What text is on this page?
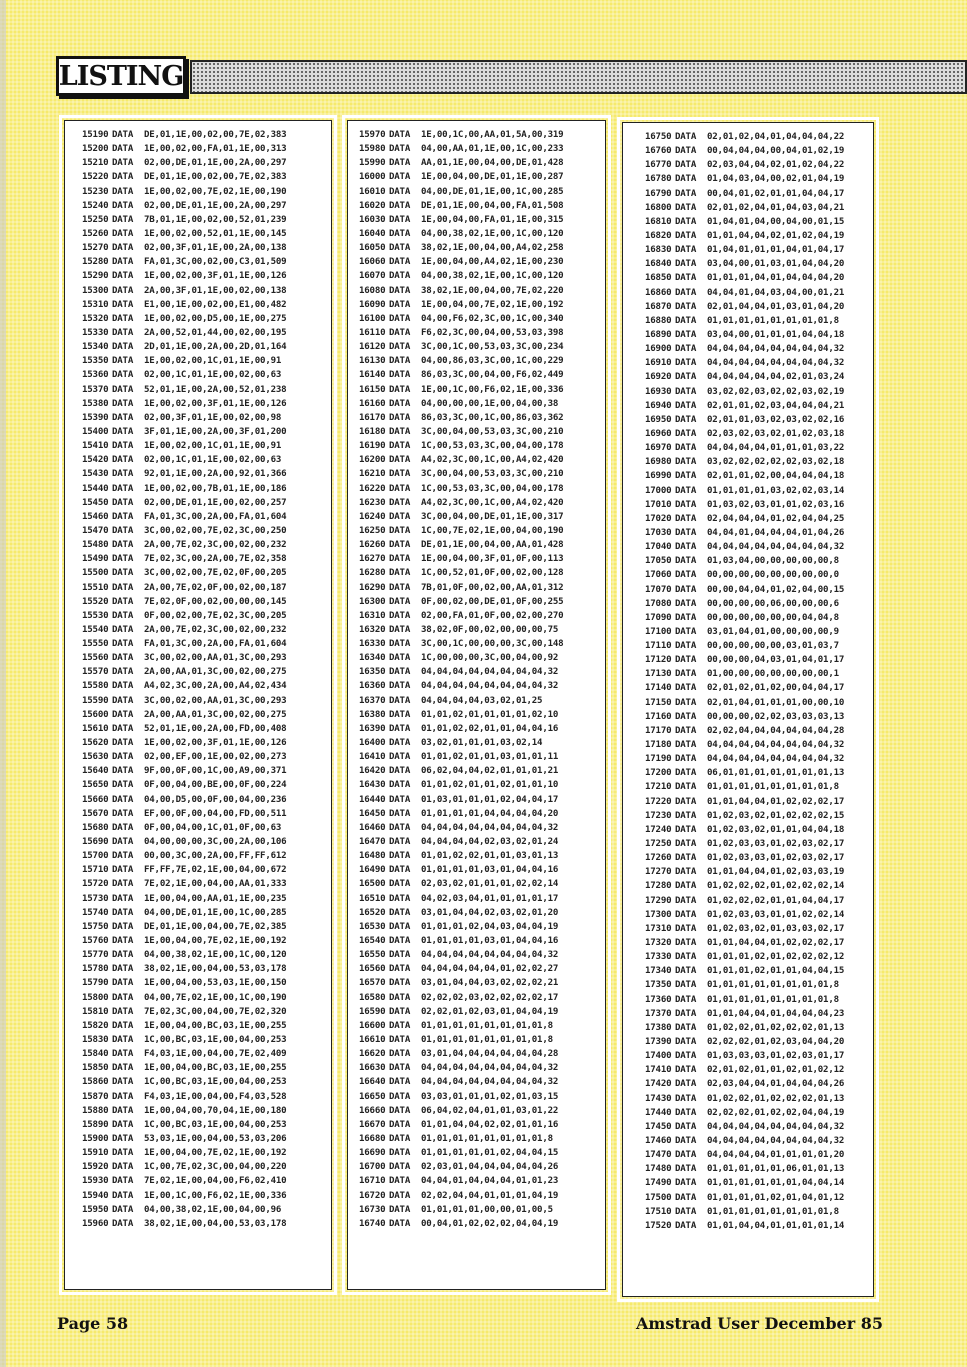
LISTING
15190 DATA DE,01,1E,00,02,00,7E,02,383
15200 DATA 1E,00,02,00,FA,01,1E,00,313
15210 DATA 02,00,DE,01,1E,00,2A,00,297
15220 DATA DE,01,1E,00,02,00,7E,02,383
15230 DATA 1E,00,02,00,7E,02,1E,00,190
15240 DATA 02,00,DE,01,1E,00,2A,00,297
15250 DATA 7B,01,1E,00,02,00,52,01,239
15260 DATA 1E,00,02,00,52,01,1E,00,145
15270 DATA 02,00,3F,01,1E,00,2A,00,138
15280 DATA FA,01,3C,00,02,00,C3,01,509
15290 DATA 1E,00,02,00,3F,01,1E,00,126
15300 DATA 2A,00,3F,01,1E,00,02,00,138
15310 DATA E1,00,1E,00,02,00,E1,00,482
15320 DATA 1E,00,02,00,D5,00,1E,00,275
15330 DATA 2A,00,52,01,44,00,02,00,195
15340 DATA 2D,01,1E,00,2A,00,2D,01,164
15350 DATA 1E,00,02,00,1C,01,1E,00,91
15360 DATA 02,00,1C,01,1E,00,02,00,63
15370 DATA 52,01,1E,00,2A,00,52,01,238
15380 DATA 1E,00,02,00,3F,01,1E,00,126
15390 DATA 02,00,3F,01,1E,00,02,00,98
15400 DATA 3F,01,1E,00,2A,00,3F,01,200
15410 DATA 1E,00,02,00,1C,01,1E,00,91
15420 DATA 02,00,1C,01,1E,00,02,00,63
15430 DATA 92,01,1E,00,2A,00,92,01,366
15440 DATA 1E,00,02,00,7B,01,1E,00,186
15450 DATA 02,00,DE,01,1E,00,02,00,257
15460 DATA FA,01,3C,00,2A,00,FA,01,604
15470 DATA 3C,00,02,00,7E,02,3C,00,250
15480 DATA 2A,00,7E,02,3C,00,02,00,232
15490 DATA 7E,02,3C,00,2A,00,7E,02,358
15500 DATA 3C,00,02,00,7E,02,0F,00,205
15510 DATA 2A,00,7E,02,0F,00,02,00,187
15520 DATA 7E,02,0F,00,02,00,00,00,145
15530 DATA 0F,00,02,00,7E,02,3C,00,205
15540 DATA 2A,00,7E,02,3C,00,02,00,232
15550 DATA FA,01,3C,00,2A,00,FA,01,604
15560 DATA 3C,00,02,00,AA,01,3C,00,293
15570 DATA 2A,00,AA,01,3C,00,02,00,275
15580 DATA A4,02,3C,00,2A,00,A4,02,434
15590 DATA 3C,00,02,00,AA,01,3C,00,293
15600 DATA 2A,00,AA,01,3C,00,02,00,275
15610 DATA 52,01,1E,00,2A,00,FD,00,408
15620 DATA 1E,00,02,00,3F,01,1E,00,126
15630 DATA 02,00,EF,00,1E,00,02,00,273
15640 DATA 9F,00,0F,00,1C,00,A9,00,371
15650 DATA 0F,00,04,00,BE,00,0F,00,224
15660 DATA 04,00,D5,00,0F,00,04,00,236
15670 DATA EF,00,0F,00,04,00,FD,00,511
15680 DATA 0F,00,04,00,1C,01,0F,00,63
15690 DATA 04,00,00,00,3C,00,2A,00,106
15700 DATA 00,00,3C,00,2A,00,FF,FF,612
15710 DATA FF,FF,7E,02,1E,00,04,00,672
15720 DATA 7E,02,1E,00,04,00,AA,01,333
15730 DATA 1E,00,04,00,AA,01,1E,00,235
15740 DATA 04,00,DE,01,1E,00,1C,00,285
15750 DATA DE,01,1E,00,04,00,7E,02,385
15760 DATA 1E,00,04,00,7E,02,1E,00,192
15770 DATA 04,00,38,02,1E,00,1C,00,120
15780 DATA 38,02,1E,00,04,00,53,03,178
15790 DATA 1E,00,04,00,53,03,1E,00,150
15800 DATA 04,00,7E,02,1E,00,1C,00,190
15810 DATA 7E,02,3C,00,04,00,7E,02,320
15820 DATA 1E,00,04,00,BC,03,1E,00,255
15830 DATA 1C,00,BC,03,1E,00,04,00,253
15840 DATA F4,03,1E,00,04,00,7E,02,409
15850 DATA 1E,00,04,00,BC,03,1E,00,255
15860 DATA 1C,00,BC,03,1E,00,04,00,253
15870 DATA F4,03,1E,00,04,00,F4,03,528
15880 DATA 1E,00,04,00,70,04,1E,00,180
15890 DATA 1C,00,BC,03,1E,00,04,00,253
15900 DATA 53,03,1E,00,04,00,53,03,206
15910 DATA 1E,00,04,00,7E,02,1E,00,192
15920 DATA 1C,00,7E,02,3C,00,04,00,220
15930 DATA 7E,02,1E,00,04,00,F6,02,410
15940 DATA 1E,00,1C,00,F6,02,1E,00,336
15950 DATA 04,00,38,02,1E,00,04,00,96
15960 DATA 38,02,1E,00,04,00,53,03,178
15970 DATA 1E,00,1C,00,AA,01,5A,00,319
15980 DATA 04,00,AA,01,1E,00,1C,00,233
15990 DATA AA,01,1E,00,04,00,DE,01,428
16000 DATA 1E,00,04,00,DE,01,1E,00,287
16010 DATA 04,00,DE,01,1E,00,1C,00,285
16020 DATA DE,01,1E,00,04,00,FA,01,508
16030 DATA 1E,00,04,00,FA,01,1E,00,315
16040 DATA 04,00,38,02,1E,00,1C,00,120
16050 DATA 38,02,1E,00,04,00,A4,02,258
16060 DATA 1E,00,04,00,A4,02,1E,00,230
16070 DATA 04,00,38,02,1E,00,1C,00,120
16080 DATA 38,02,1E,00,04,00,7E,02,220
16090 DATA 1E,00,04,00,7E,02,1E,00,192
16100 DATA 04,00,F6,02,3C,00,1C,00,340
16110 DATA F6,02,3C,00,04,00,53,03,398
16120 DATA 3C,00,1C,00,53,03,3C,00,234
16130 DATA 04,00,86,03,3C,00,1C,00,229
16140 DATA 86,03,3C,00,04,00,F6,02,449
16150 DATA 1E,00,1C,00,F6,02,1E,00,336
16160 DATA 04,00,00,00,1E,00,04,00,38
16170 DATA 86,03,3C,00,1C,00,86,03,362
16180 DATA 3C,00,04,00,53,03,3C,00,210
16190 DATA 1C,00,53,03,3C,00,04,00,178
16200 DATA A4,02,3C,00,1C,00,A4,02,420
16210 DATA 3C,00,04,00,53,03,3C,00,210
16220 DATA 1C,00,53,03,3C,00,04,00,178
16230 DATA A4,02,3C,00,1C,00,A4,02,420
16240 DATA 3C,00,04,00,DE,01,1E,00,317
16250 DATA 1C,00,7E,02,1E,00,04,00,190
16260 DATA DE,01,1E,00,04,00,AA,01,428
16270 DATA 1E,00,04,00,3F,01,0F,00,113
16280 DATA 1C,00,52,01,0F,00,02,00,128
16290 DATA 7B,01,0F,00,02,00,AA,01,312
16300 DATA 0F,00,02,00,DE,01,0F,00,255
16310 DATA 02,00,FA,01,0F,00,02,00,270
16320 DATA 38,02,0F,00,02,00,00,00,75
16330 DATA 3C,00,1C,00,00,00,3C,00,148
16340 DATA 1C,00,00,00,3C,00,04,00,92
16350 DATA 04,04,04,04,04,04,04,04,32
16360 DATA 04,04,04,04,04,04,04,04,32
16370 DATA 04,04,04,04,03,02,01,25
16380 DATA 01,01,02,01,01,01,01,02,10
16390 DATA 01,01,02,02,01,01,04,04,16
16400 DATA 03,02,01,01,01,03,02,14
16410 DATA 01,01,02,01,01,03,01,01,11
16420 DATA 06,02,04,04,02,01,01,01,21
16430 DATA 01,01,02,01,01,02,01,01,10
16440 DATA 01,03,01,01,01,02,04,04,17
16450 DATA 01,01,01,01,04,04,04,04,20
16460 DATA 04,04,04,04,04,04,04,04,32
16470 DATA 04,04,04,04,02,03,02,01,24
16480 DATA 01,01,02,02,01,01,03,01,13
16490 DATA 01,01,01,01,03,01,04,04,16
16500 DATA 02,03,02,01,01,01,02,02,14
16510 DATA 04,02,03,04,01,01,01,01,17
16520 DATA 03,01,04,04,02,03,02,01,20
16530 DATA 01,01,01,02,04,03,04,04,19
16540 DATA 01,01,01,01,03,01,04,04,16
16550 DATA 04,04,04,04,04,04,04,04,32
16560 DATA 04,04,04,04,04,01,02,02,27
16570 DATA 03,01,04,04,03,02,02,02,21
16580 DATA 02,02,02,03,02,02,02,02,17
16590 DATA 02,02,01,02,03,01,04,04,19
16600 DATA 01,01,01,01,01,01,01,01,8
16610 DATA 01,01,01,01,01,01,01,01,8
16620 DATA 03,01,04,04,04,04,04,04,28
16630 DATA 04,04,04,04,04,04,04,04,32
16640 DATA 04,04,04,04,04,04,04,04,32
16650 DATA 03,03,01,01,01,02,01,03,15
16660 DATA 06,04,02,04,01,01,03,01,22
16670 DATA 01,01,04,04,02,02,01,01,16
16680 DATA 01,01,01,01,01,01,01,01,8
16690 DATA 01,01,01,01,01,02,04,04,15
16700 DATA 02,03,01,04,04,04,04,04,26
16710 DATA 04,04,01,04,04,04,01,01,23
16720 DATA 02,02,04,04,01,01,01,04,19
16730 DATA 01,01,01,01,00,00,01,00,5
16740 DATA 00,04,01,02,02,02,04,04,19
16750 DATA 02,01,02,04,01,04,04,04,22
16760 DATA 00,04,04,04,00,04,01,02,19
16770 DATA 02,03,04,04,02,01,02,04,22
16780 DATA 01,04,03,04,00,02,01,04,19
16790 DATA 00,04,01,02,01,01,04,04,17
16800 DATA 02,01,02,04,01,04,03,04,21
16810 DATA 01,04,01,04,00,04,00,01,15
16820 DATA 01,01,04,04,02,01,02,04,19
16830 DATA 01,04,01,01,01,04,01,04,17
16840 DATA 03,04,00,01,03,01,04,04,20
16850 DATA 01,01,01,04,01,04,04,04,20
16860 DATA 04,04,01,04,03,04,00,01,21
16870 DATA 02,01,04,04,01,03,01,04,20
16880 DATA 01,01,01,01,01,01,01,01,8
16890 DATA 03,04,00,01,01,01,04,04,18
16900 DATA 04,04,04,04,04,04,04,04,32
16910 DATA 04,04,04,04,04,04,04,04,32
16920 DATA 04,04,04,04,04,02,01,03,24
16930 DATA 03,02,02,03,02,02,03,02,19
16940 DATA 02,01,01,02,03,04,04,04,21
16950 DATA 02,01,01,03,02,03,02,02,16
16960 DATA 02,03,02,03,02,01,02,03,18
16970 DATA 04,04,04,04,01,01,01,03,22
16980 DATA 03,02,02,02,02,02,03,02,18
16990 DATA 02,01,01,02,00,04,04,04,18
17000 DATA 01,01,01,01,03,02,02,03,14
17010 DATA 01,03,02,03,01,01,02,03,16
17020 DATA 02,04,04,04,01,02,04,04,25
17030 DATA 04,04,01,04,04,04,01,04,26
17040 DATA 04,04,04,04,04,04,04,04,32
17050 DATA 01,03,04,00,00,00,00,00,8
17060 DATA 00,00,00,00,00,00,00,00,0
17070 DATA 00,00,04,04,01,02,04,00,15
17080 DATA 00,00,00,00,06,00,00,00,6
17090 DATA 00,00,00,00,00,00,04,04,8
17100 DATA 03,01,04,01,00,00,00,00,9
17110 DATA 00,00,00,00,00,03,01,03,7
17120 DATA 00,00,00,04,03,01,04,01,17
17130 DATA 01,00,00,00,00,00,00,00,1
17140 DATA 02,01,02,01,02,00,04,04,17
17150 DATA 02,01,04,01,01,01,00,00,10
17160 DATA 00,00,00,02,02,03,03,03,13
17170 DATA 02,02,04,04,04,04,04,04,28
17180 DATA 04,04,04,04,04,04,04,04,32
17190 DATA 04,04,04,04,04,04,04,04,32
17200 DATA 06,01,01,01,01,01,01,01,13
17210 DATA 01,01,01,01,01,01,01,01,8
17220 DATA 01,01,04,04,01,02,02,02,17
17230 DATA 01,02,03,02,01,02,02,02,15
17240 DATA 01,02,03,02,01,01,04,04,18
17250 DATA 01,02,03,03,01,02,03,02,17
17260 DATA 01,02,03,03,01,02,03,02,17
17270 DATA 01,01,04,04,01,02,03,03,19
17280 DATA 01,02,02,02,01,02,02,02,14
17290 DATA 01,02,02,02,01,01,04,04,17
17300 DATA 01,02,03,03,01,01,02,02,14
17310 DATA 01,02,03,02,01,03,03,02,17
17320 DATA 01,01,04,04,01,02,02,02,17
17330 DATA 01,01,01,02,01,02,02,02,12
17340 DATA 01,01,01,02,01,01,04,04,15
17350 DATA 01,01,01,01,01,01,01,01,8
17360 DATA 01,01,01,01,01,01,01,01,8
17370 DATA 01,01,04,04,01,04,04,04,23
17380 DATA 01,02,02,01,02,02,02,01,13
17390 DATA 02,02,02,01,02,03,04,04,20
17400 DATA 01,03,03,03,01,02,03,01,17
17410 DATA 02,01,02,01,01,02,01,02,12
17420 DATA 02,03,04,04,01,04,04,04,26
17430 DATA 01,02,02,01,02,02,02,01,13
17440 DATA 02,02,02,01,02,02,04,04,19
17450 DATA 04,04,04,04,04,04,04,04,32
17460 DATA 04,04,04,04,04,04,04,04,32
17470 DATA 04,04,04,04,01,01,01,01,20
17480 DATA 01,01,01,01,01,06,01,01,13
17490 DATA 01,01,01,01,01,01,04,04,14
17500 DATA 01,01,01,01,02,01,04,01,12
17510 DATA 01,01,01,01,01,01,01,01,8
17520 DATA 01,01,04,04,01,01,01,01,14
Page 58	Amstrad User December 85
